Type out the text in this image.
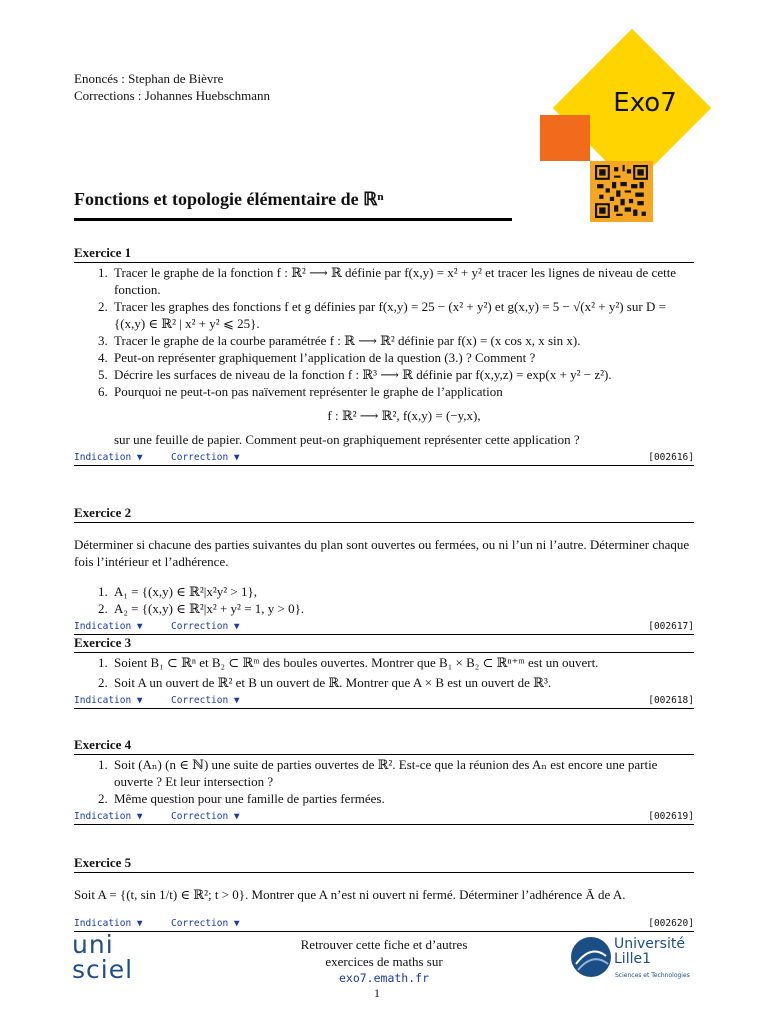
Enoncés : Stephan de Bièvre
Corrections : Johannes Huebschmann	Exo7
Fonctions et topologie élémentaire de ℝⁿ
Exercice 1
1. Tracer le graphe de la fonction f : ℝ² ⟶ ℝ définie par f(x,y) = x² + y² et tracer les lignes de niveau de cette fonction.
2. Tracer les graphes des fonctions f et g définies par f(x,y) = 25 − (x² + y²) et g(x,y) = 5 − √(x² + y²) sur D = {(x,y) ∈ ℝ² | x² + y² ⩽ 25}.
3. Tracer le graphe de la courbe paramétrée f : ℝ ⟶ ℝ² définie par f(x) = (x cos x, x sin x).
4. Peut-on représenter graphiquement l’application de la question (3.) ? Comment ?
5. Décrire les surfaces de niveau de la fonction f : ℝ³ ⟶ ℝ définie par f(x,y,z) = exp(x + y² − z²).
6. Pourquoi ne peut-t-on pas naïvement représenter le graphe de l’application
f : ℝ² ⟶ ℝ², f(x,y) = (−y,x),
sur une feuille de papier. Comment peut-on graphiquement représenter cette application ?
Indication ▼	Correction ▼	[002616]
Exercice 2

Déterminer si chacune des parties suivantes du plan sont ouvertes ou fermées, ou ni l’un ni l’autre. Déterminer chaque fois l’intérieur et l’adhérence.

1. A₁ = {(x,y) ∈ ℝ²|x²y² > 1},
2. A₂ = {(x,y) ∈ ℝ²|x² + y² = 1, y > 0}.
Indication ▼	Correction ▼	[002617]
Exercice 3
1. Soient B₁ ⊂ ℝⁿ et B₂ ⊂ ℝᵐ des boules ouvertes. Montrer que B₁ × B₂ ⊂ ℝⁿ⁺ᵐ est un ouvert.
2. Soit A un ouvert de ℝ² et B un ouvert de ℝ. Montrer que A × B est un ouvert de ℝ³.
Indication ▼	Correction ▼	[002618]
Exercice 4
1. Soit (Aₙ) (n ∈ ℕ) une suite de parties ouvertes de ℝ². Est-ce que la réunion des Aₙ est encore une partie ouverte ? Et leur intersection ?
2. Même question pour une famille de parties fermées.
Indication ▼	Correction ▼	[002619]
Exercice 5

Soit A = {(t, sin 1/t) ∈ ℝ²; t > 0}. Montrer que A n’est ni ouvert ni fermé. Déterminer l’adhérence Ā de A.

Indication ▼	Correction ▼	[002620]
uni
sciel
Retrouver cette fiche et d’autres
exercices de maths sur
exo7.emath.fr
1
Université
Lille1
Sciences et Technologies
